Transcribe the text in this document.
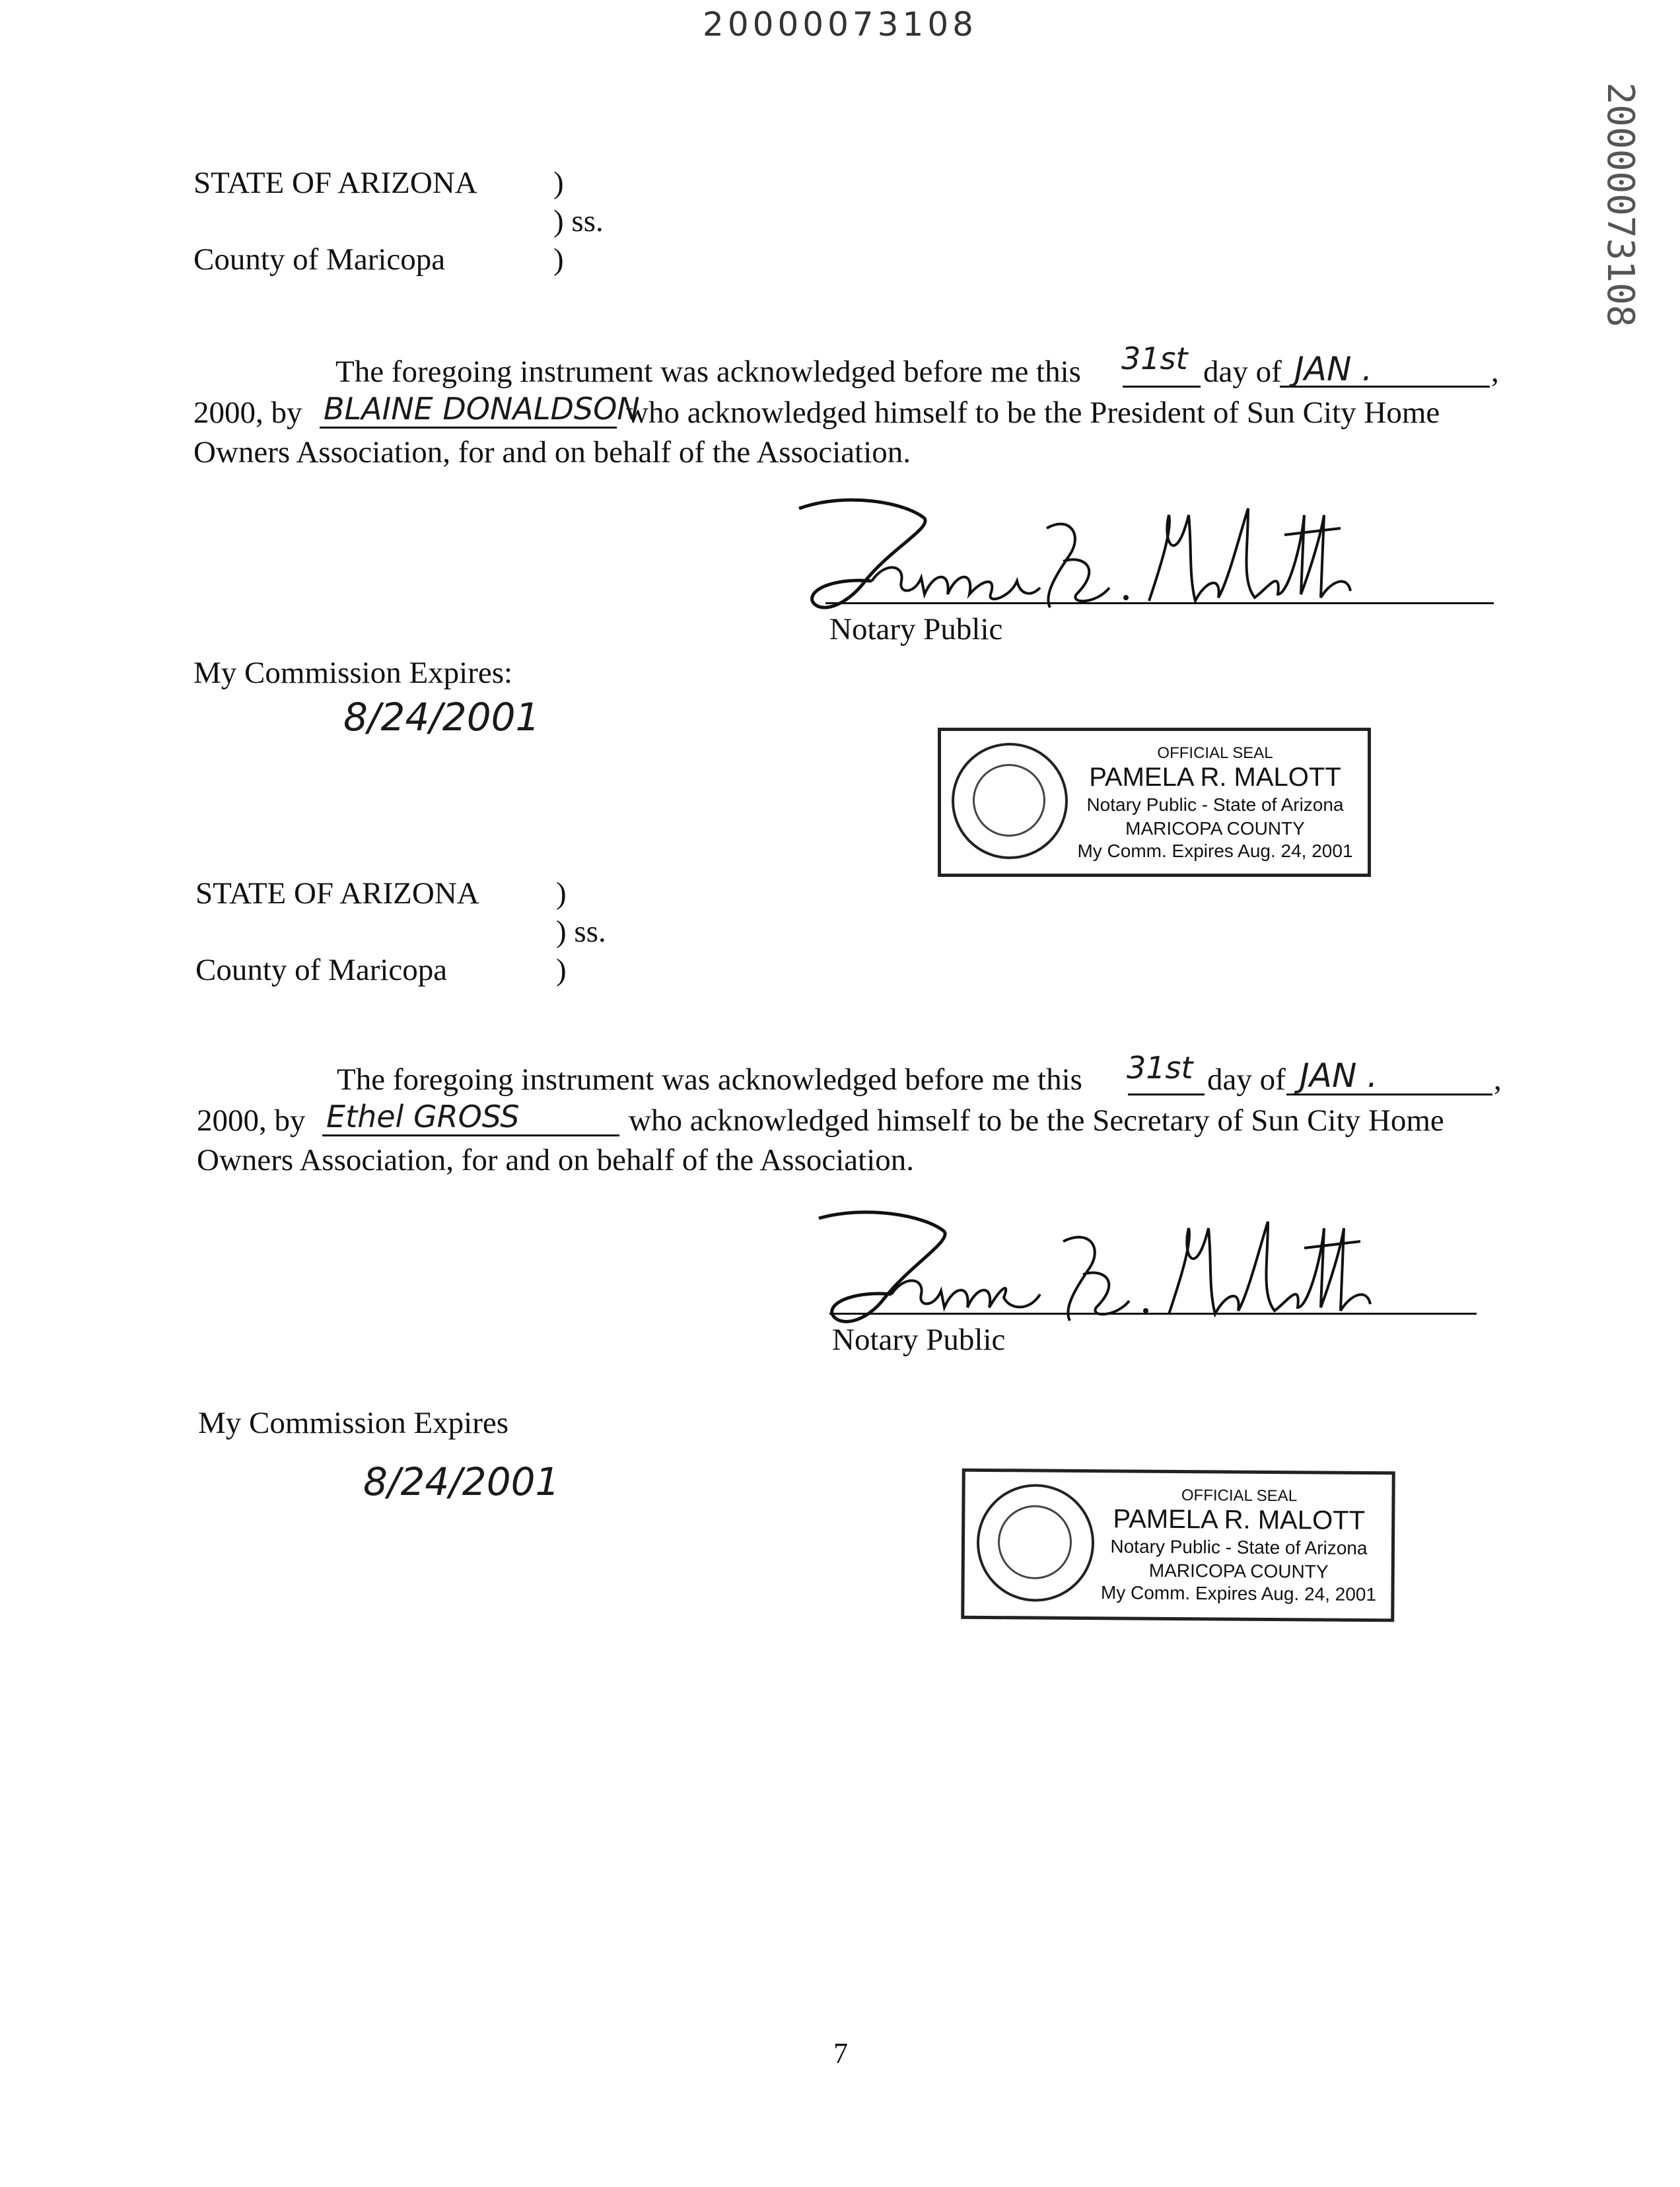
20000073108
20000073108
STATE OF ARIZONA )
) ss.
County of Maricopa	)
The foregoing instrument was acknowledged before me this 31st day of JAN .	,
2000, by BLAINE DONALDSON
who acknowledged himself to be the President of Sun City Home
Owners Association, for and on behalf of the Association.
Notary Public
My Commission Expires:
8/24/2001
OFFICIAL SEAL
PAMELA R. MALOTT
Notary Public - State of Arizona
MARICOPA COUNTY
My Comm. Expires Aug. 24, 2001
STATE OF ARIZONA )
) ss.
County of Maricopa	)
The foregoing instrument was acknowledged before me this 31st day of JAN .	,
2000, by Ethel GROSS	who acknowledged himself to be the Secretary of Sun City Home
Owners Association, for and on behalf of the Association.
Notary Public
My Commission Expires
8/24/2001	OFFICIAL SEAL
PAMELA R. MALOTT
Notary Public - State of Arizona
MARICOPA COUNTY
My Comm. Expires Aug. 24, 2001
7
